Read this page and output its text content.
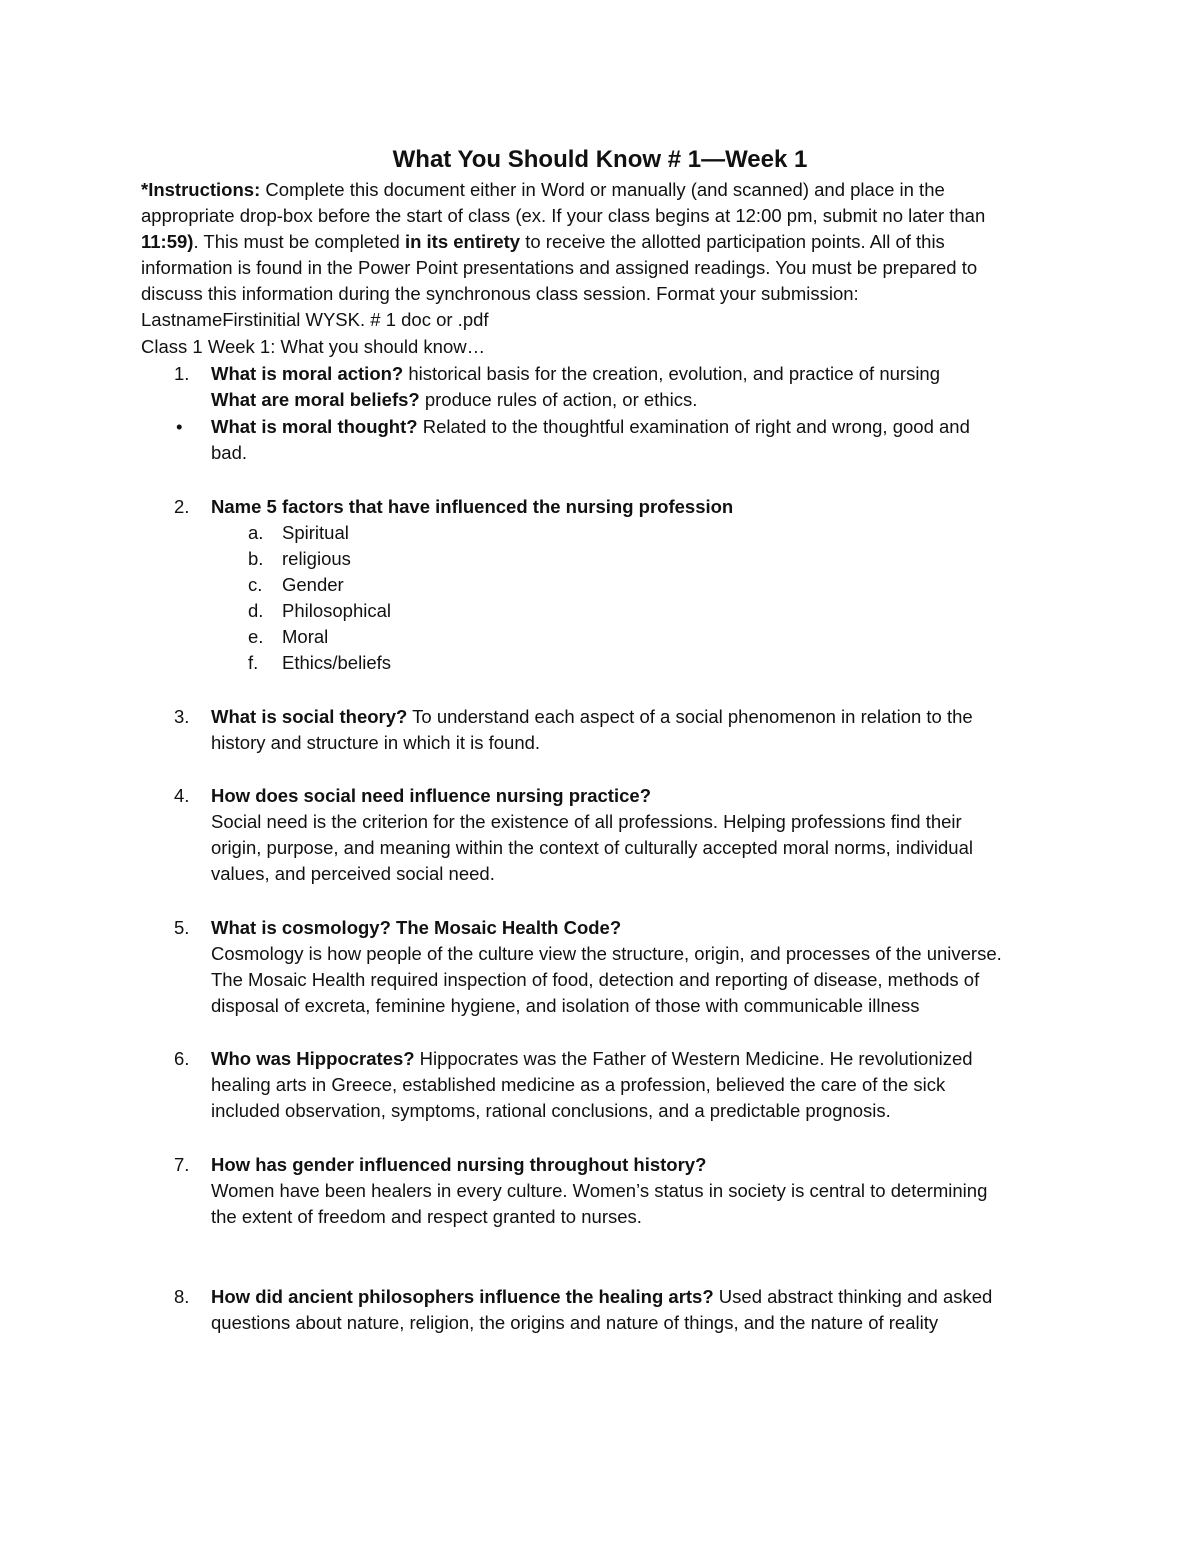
What You Should Know # 1—Week 1
*Instructions: Complete this document either in Word or manually (and scanned) and place in the
appropriate drop-box before the start of class (ex. If your class begins at 12:00 pm, submit no later than
11:59). This must be completed in its entirety to receive the allotted participation points. All of this
information is found in the Power Point presentations and assigned readings. You must be prepared to
discuss this information during the synchronous class session. Format your submission:
LastnameFirstinitial WYSK. # 1 doc or .pdf
Class 1 Week 1: What you should know…
1. What is moral action? historical basis for the creation, evolution, and practice of nursing
What are moral beliefs? produce rules of action, or ethics.
• What is moral thought? Related to the thoughtful examination of right and wrong, good and
bad.
2. Name 5 factors that have influenced the nursing profession
a. Spiritual
b. religious
c. Gender
d. Philosophical
e. Moral
f. Ethics/beliefs
3. What is social theory? To understand each aspect of a social phenomenon in relation to the
history and structure in which it is found.
4. How does social need influence nursing practice?
Social need is the criterion for the existence of all professions. Helping professions find their
origin, purpose, and meaning within the context of culturally accepted moral norms, individual
values, and perceived social need.
5. What is cosmology? The Mosaic Health Code?
Cosmology is how people of the culture view the structure, origin, and processes of the universe.
The Mosaic Health required inspection of food, detection and reporting of disease, methods of
disposal of excreta, feminine hygiene, and isolation of those with communicable illness
6. Who was Hippocrates? Hippocrates was the Father of Western Medicine. He revolutionized
healing arts in Greece, established medicine as a profession, believed the care of the sick
included observation, symptoms, rational conclusions, and a predictable prognosis.
7. How has gender influenced nursing throughout history?
Women have been healers in every culture. Women’s status in society is central to determining
the extent of freedom and respect granted to nurses.
8. How did ancient philosophers influence the healing arts? Used abstract thinking and asked
questions about nature, religion, the origins and nature of things, and the nature of reality
